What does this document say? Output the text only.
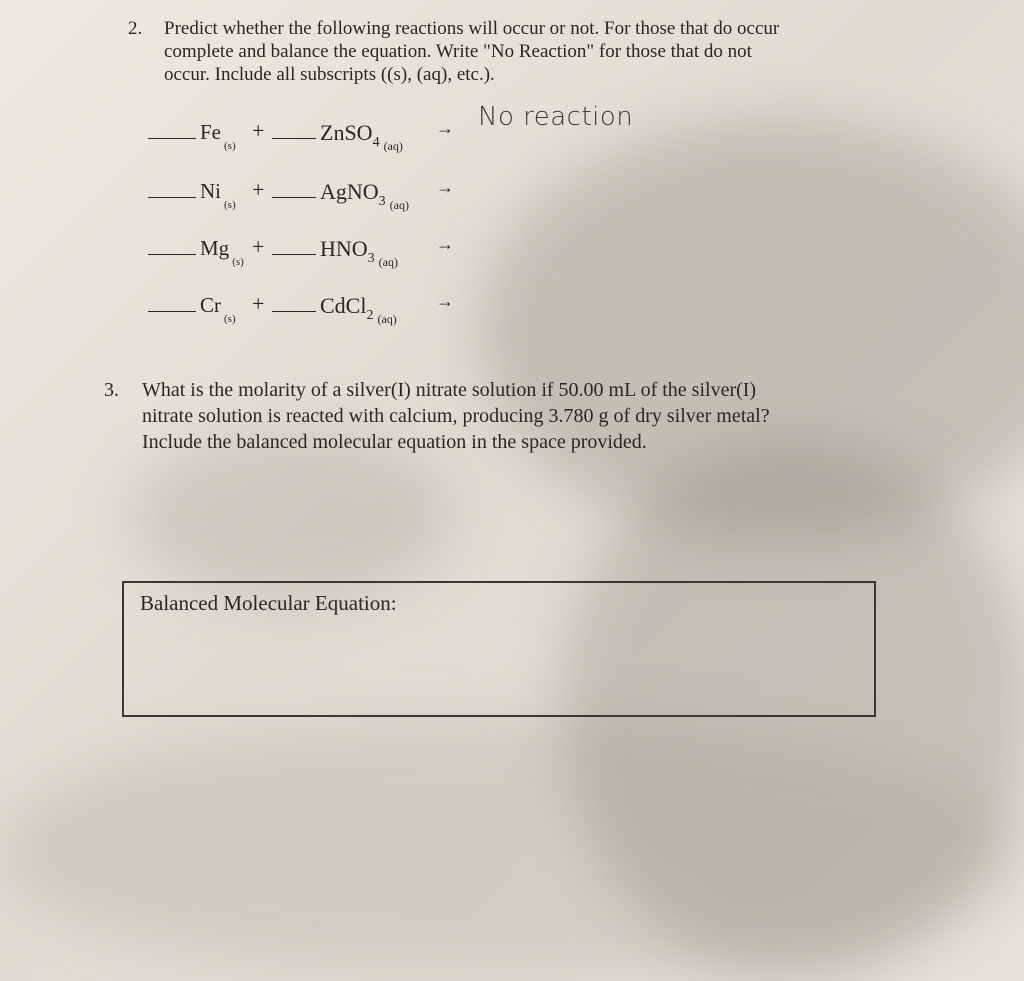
2. Predict whether the following reactions will occur or not. For those that do occur
complete and balance the equation. Write "No Reaction" for those that do not
occur. Include all subscripts ((s), (aq), etc.).
$Fe_{(s)}$
+	ZnSO$_4$ $_{(aq)}$
→ No reaction
$Ni_{(s)}$
+	AgNO$_3$ $_{(aq)}$
→
$Mg_{(s)}$
+	$HNO_3$ $_{(aq)}$
→
$Cr_{(s)}$
+	CdCl$_2$ $_{(aq)}$
→
3. What is the molarity of a silver(I) nitrate solution if 50.00 mL of the silver(I)
nitrate solution is reacted with calcium, producing 3.780 g of dry silver metal?
Include the balanced molecular equation in the space provided.
Balanced Molecular Equation:
